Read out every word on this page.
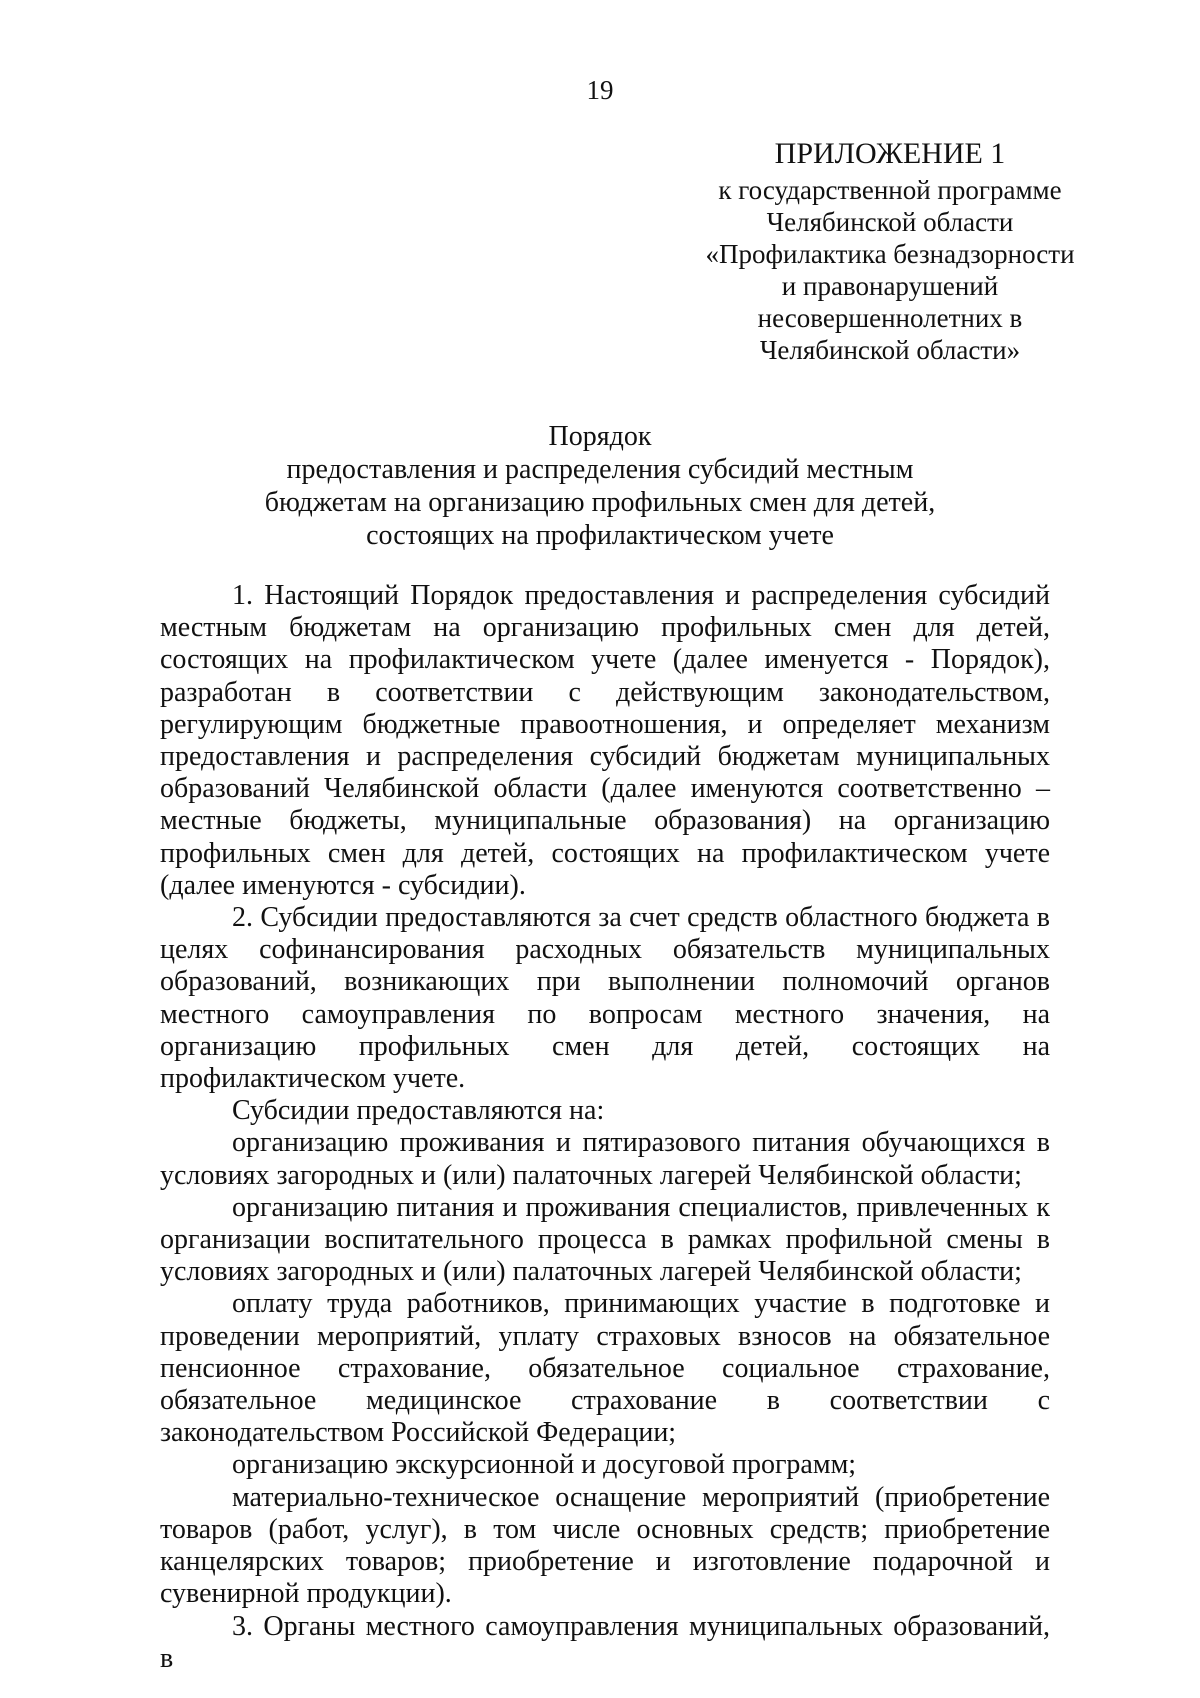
19
ПРИЛОЖЕНИЕ 1
к государственной программе
Челябинской области
«Профилактика безнадзорности
и правонарушений
несовершеннолетних в
Челябинской области»
Порядок
предоставления и распределения субсидий местным
бюджетам на организацию профильных смен для детей,
состоящих на профилактическом учете

1. Настоящий Порядок предоставления и распределения субсидий местным бюджетам на организацию профильных смен для детей, состоящих на профилактическом учете (далее именуется - Порядок), разработан в соответствии с действующим законодательством, регулирующим бюджетные правоотношения, и определяет механизм предоставления и распределения субсидий бюджетам муниципальных образований Челябинской области (далее именуются соответственно – местные бюджеты, муниципальные образования) на организацию профильных смен для детей, состоящих на профилактическом учете (далее именуются - субсидии).

2. Субсидии предоставляются за счет средств областного бюджета в целях софинансирования расходных обязательств муниципальных образований, возникающих при выполнении полномочий органов местного самоуправления по вопросам местного значения, на организацию профильных смен для детей, состоящих на профилактическом учете.

Субсидии предоставляются на:

организацию проживания и пятиразового питания обучающихся в условиях загородных и (или) палаточных лагерей Челябинской области;

организацию питания и проживания специалистов, привлеченных к организации воспитательного процесса в рамках профильной смены в условиях загородных и (или) палаточных лагерей Челябинской области;

оплату труда работников, принимающих участие в подготовке и проведении мероприятий, уплату страховых взносов на обязательное пенсионное страхование, обязательное социальное страхование, обязательное медицинское страхование в соответствии с законодательством Российской Федерации;

организацию экскурсионной и досуговой программ;

материально-техническое оснащение мероприятий (приобретение товаров (работ, услуг), в том числе основных средств; приобретение канцелярских товаров; приобретение и изготовление подарочной и сувенирной продукции).

3. Органы местного самоуправления муниципальных образований, в
